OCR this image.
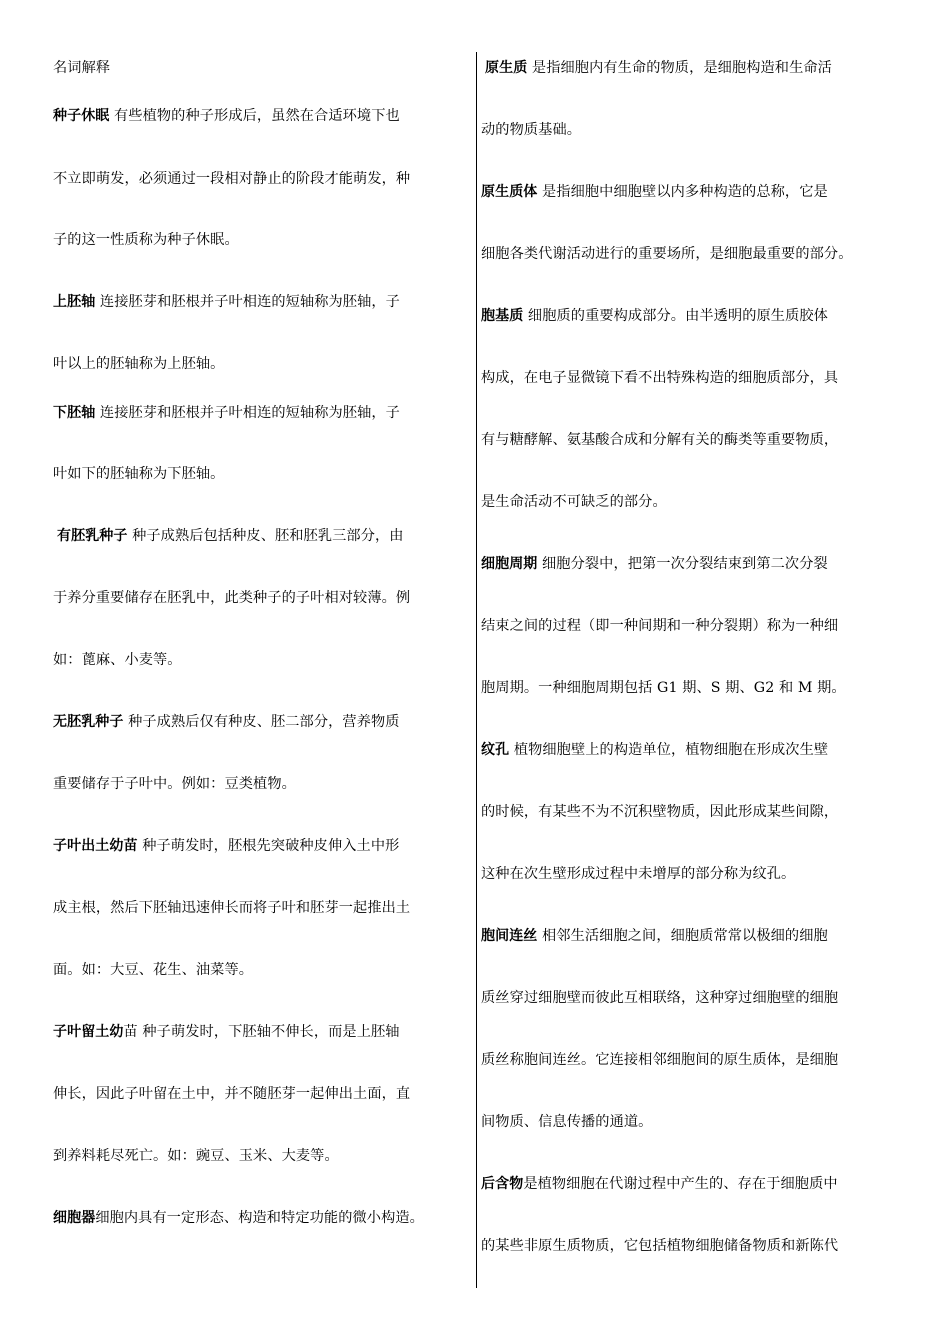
名词解释
种子休眠 有些植物的种子形成后，虽然在合适环境下也
不立即萌发，必须通过一段相对静止的阶段才能萌发，种
子的这一性质称为种子休眠。
上胚轴 连接胚芽和胚根并子叶相连的短轴称为胚轴，子
叶以上的胚轴称为上胚轴。
下胚轴 连接胚芽和胚根并子叶相连的短轴称为胚轴，子
叶如下的胚轴称为下胚轴。
有胚乳种子 种子成熟后包括种皮、胚和胚乳三部分，由
于养分重要储存在胚乳中，此类种子的子叶相对较薄。例
如：蓖麻、小麦等。
无胚乳种子 种子成熟后仅有种皮、胚二部分，营养物质
重要储存于子叶中。例如：豆类植物。
子叶出土幼苗 种子萌发时，胚根先突破种皮伸入土中形
成主根，然后下胚轴迅速伸长而将子叶和胚芽一起推出土
面。如：大豆、花生、油菜等。
子叶留土幼苗 种子萌发时，下胚轴不伸长，而是上胚轴
伸长，因此子叶留在土中，并不随胚芽一起伸出土面，直
到养料耗尽死亡。如：豌豆、玉米、大麦等。
细胞器细胞内具有一定形态、构造和特定功能的微小构造。
原生质 是指细胞内有生命的物质，是细胞构造和生命活
动的物质基础。
原生质体 是指细胞中细胞壁以内多种构造的总称，它是
细胞各类代谢活动进行的重要场所，是细胞最重要的部分。
胞基质 细胞质的重要构成部分。由半透明的原生质胶体
构成，在电子显微镜下看不出特殊构造的细胞质部分，具
有与糖酵解、氨基酸合成和分解有关的酶类等重要物质，
是生命活动不可缺乏的部分。
细胞周期 细胞分裂中，把第一次分裂结束到第二次分裂
结束之间的过程（即一种间期和一种分裂期）称为一种细
胞周期。一种细胞周期包括 G1 期、S 期、G2 和 M 期。
纹孔 植物细胞壁上的构造单位，植物细胞在形成次生壁
的时候，有某些不为不沉积壁物质，因此形成某些间隙，
这种在次生壁形成过程中未增厚的部分称为纹孔。
胞间连丝 相邻生活细胞之间，细胞质常常以极细的细胞
质丝穿过细胞壁而彼此互相联络，这种穿过细胞壁的细胞
质丝称胞间连丝。它连接相邻细胞间的原生质体，是细胞
间物质、信息传播的通道。
后含物是植物细胞在代谢过程中产生的、存在于细胞质中
的某些非原生质物质，它包括植物细胞储备物质和新陈代
